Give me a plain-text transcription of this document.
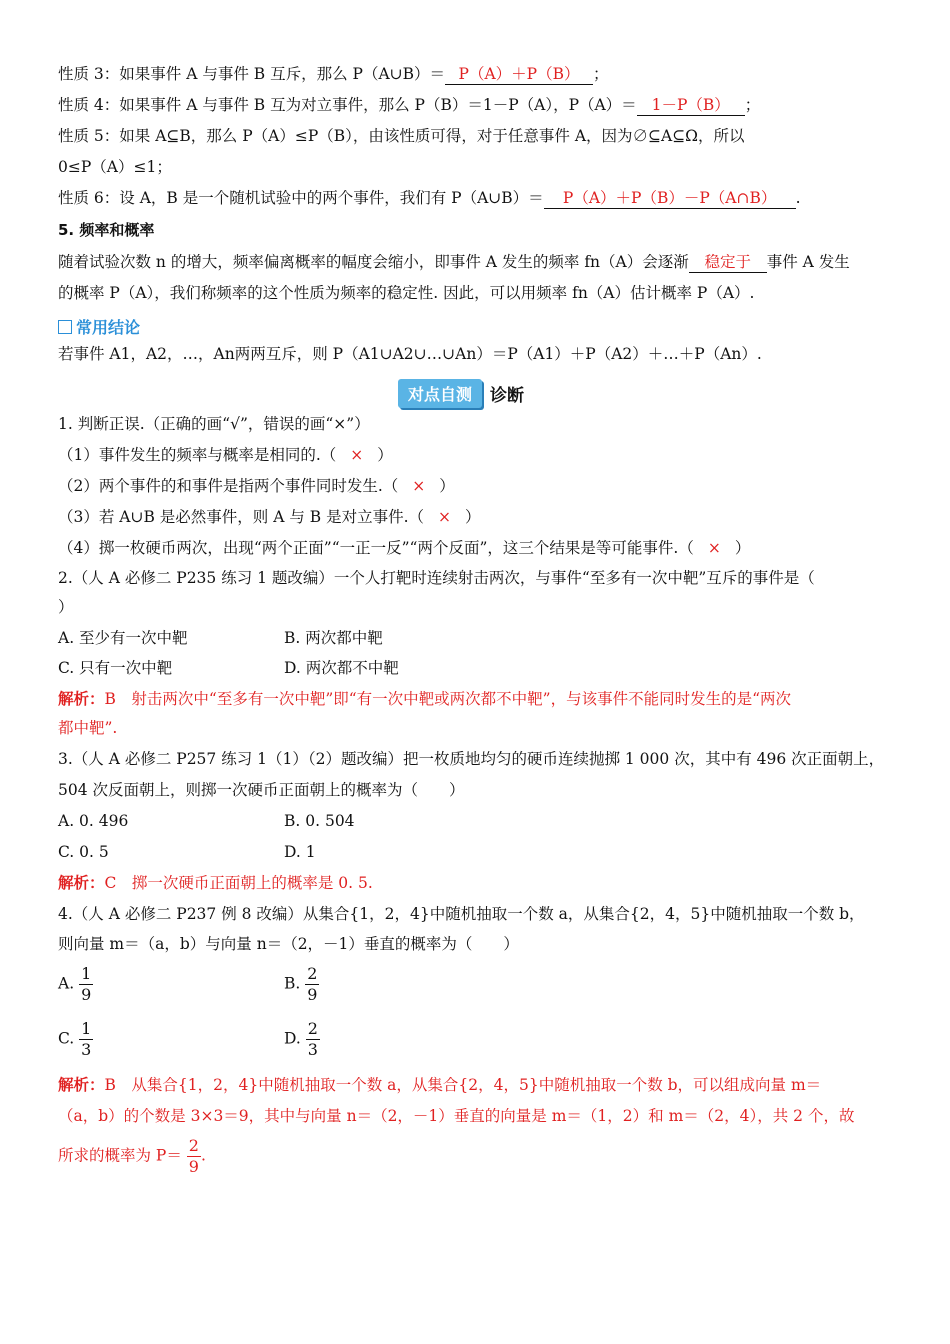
性质 3：如果事件 A 与事件 B 互斥，那么 P（A∪B）＝ P（A）＋P（B） ；
性质 4：如果事件 A 与事件 B 互为对立事件，那么 P（B）＝1－P（A），P（A）＝ 1－P（B） ；
性质 5：如果 A⊆B，那么 P（A）≤P（B），由该性质可得，对于任意事件 A，因为∅⊆A⊆Ω，所以
0≤P（A）≤1；
性质 6：设 A，B 是一个随机试验中的两个事件，我们有 P（A∪B）＝ P（A）＋P（B）－P（A∩B） .
5. 频率和概率
随着试验次数 n 的增大，频率偏离概率的幅度会缩小，即事件 A 发生的频率 fn（A）会逐渐 稳定于 事件 A 发生
的概率 P（A），我们称频率的这个性质为频率的稳定性. 因此，可以用频率 fn（A）估计概率 P（A）.
常用结论
若事件 A1，A2，…，An两两互斥，则 P（A1∪A2∪…∪An）＝P（A1）＋P（A2）＋…＋P（An）.
对点自测	诊断
1. 判断正误.（正确的画“√”，错误的画“×”）
（1）事件发生的频率与概率是相同的.（ × ）
（2）两个事件的和事件是指两个事件同时发生.（ × ）
（3）若 A∪B 是必然事件，则 A 与 B 是对立事件.（ × ）
（4）掷一枚硬币两次，出现“两个正面”“一正一反”“两个反面”，这三个结果是等可能事件.（ × ）
2.（人 A 必修二 P235 练习 1 题改编）一个人打靶时连续射击两次，与事件“至多有一次中靶”互斥的事件是（
）
A. 至少有一次中靶	B. 两次都中靶
C. 只有一次中靶	D. 两次都不中靶
解析：B　射击两次中“至多有一次中靶”即“有一次中靶或两次都不中靶”，与该事件不能同时发生的是“两次
都中靶”.
3.（人 A 必修二 P257 练习 1（1）（2）题改编）把一枚质地均匀的硬币连续抛掷 1 000 次，其中有 496 次正面朝上，
504 次反面朝上，则掷一次硬币正面朝上的概率为（　　）
A. 0. 496	B. 0. 504
C. 0. 5	D. 1
解析：C　掷一次硬币正面朝上的概率是 0. 5.
4.（人 A 必修二 P237 例 8 改编）从集合{1，2，4}中随机抽取一个数 a，从集合{2，4，5}中随机抽取一个数 b，
则向量 m＝（a，b）与向量 n＝（2，－1）垂直的概率为（　　）
A. $\frac{1}{9}$	B. $\frac{2}{9}$
C. $\frac{1}{3}$	D. $\frac{2}{3}$
解析：B　从集合{1，2，4}中随机抽取一个数 a，从集合{2，4，5}中随机抽取一个数 b，可以组成向量 m＝
（a，b）的个数是 3×3＝9，其中与向量 n＝（2，－1）垂直的向量是 m＝（1，2）和 m＝（2，4），共 2 个，故
所求的概率为 $P= \frac{2}{9}$ .
